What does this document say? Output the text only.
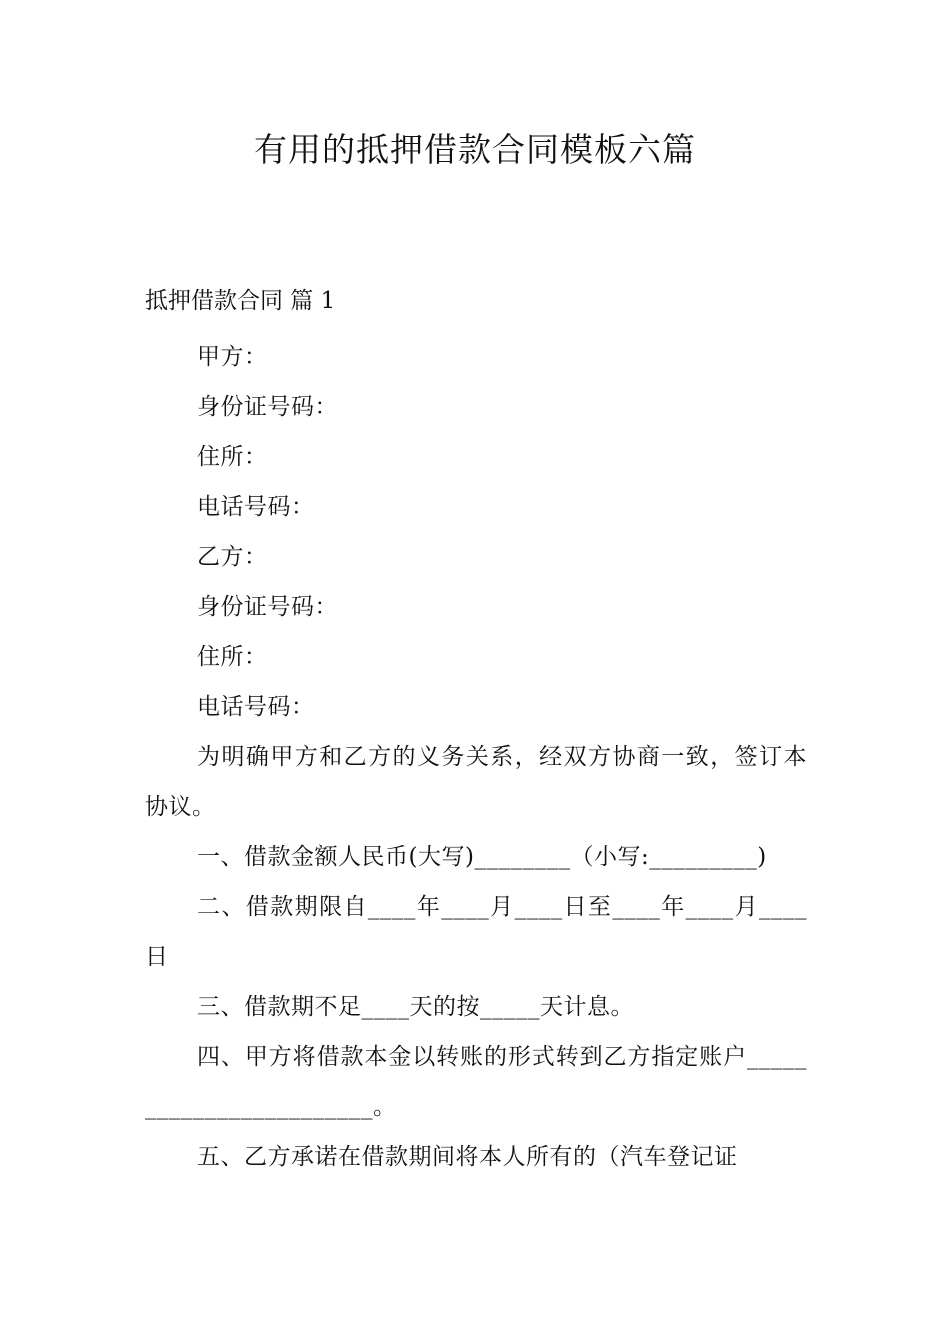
有用的抵押借款合同模板六篇
抵押借款合同 篇 1

甲方：

身份证号码：

住所：

电话号码：

乙方：

身份证号码：

住所：

电话号码：

为明确甲方和乙方的义务关系，经双方协商一致，签订本协议。

一、借款金额人民币(大写)________（小写:_________)

二、借款期限自____年____月____日至____年____月____日

三、借款期不足____天的按_____天计息。

四、甲方将借款本金以转账的形式转到乙方指定账户________________________。

五、乙方承诺在借款期间将本人所有的（汽车登记证
